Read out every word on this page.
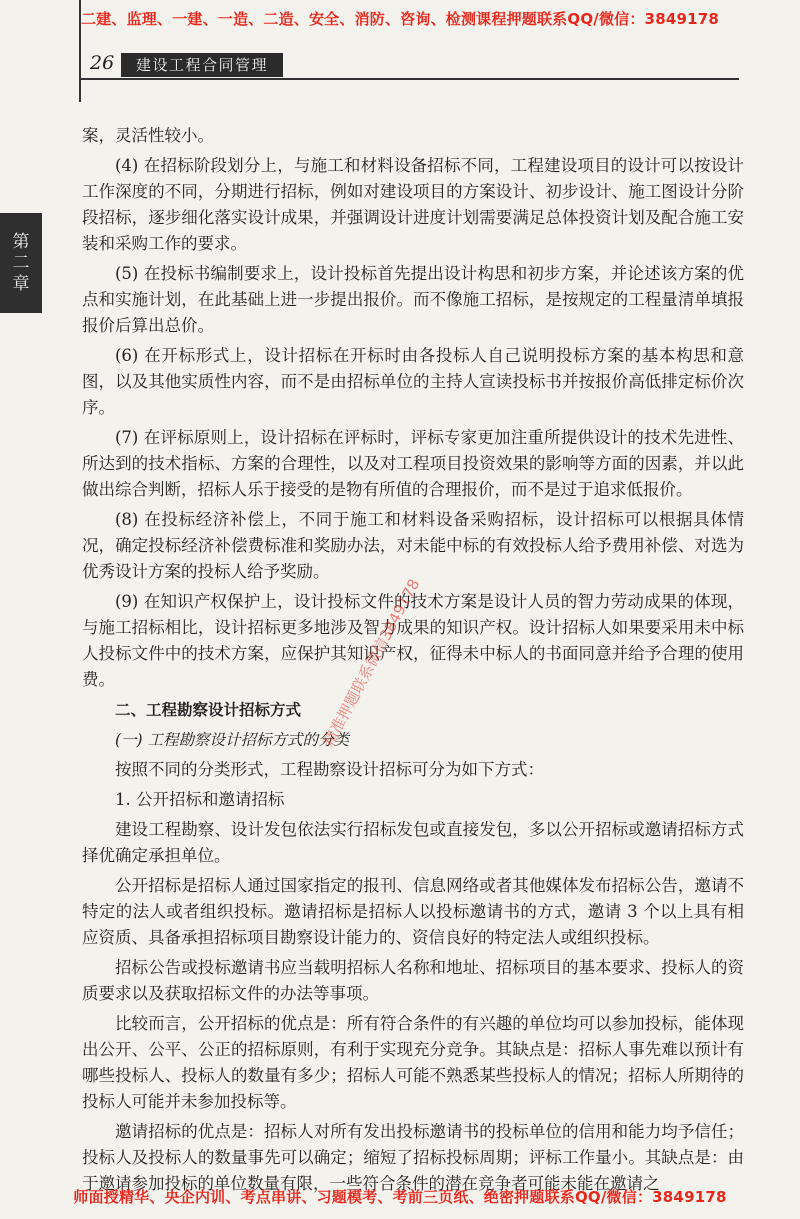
二建、监理、一建、一造、二造、安全、消防、咨询、检测课程押题联系QQ/微信：3849178
26	建设工程合同管理
第
二
章

案，灵活性较小。

(4) 在招标阶段划分上，与施工和材料设备招标不同，工程建设项目的设计可以按设计工作深度的不同，分期进行招标，例如对建设项目的方案设计、初步设计、施工图设计分阶段招标，逐步细化落实设计成果，并强调设计进度计划需要满足总体投资计划及配合施工安装和采购工作的要求。

(5) 在投标书编制要求上，设计投标首先提出设计构思和初步方案，并论述该方案的优点和实施计划，在此基础上进一步提出报价。而不像施工招标，是按规定的工程量清单填报报价后算出总价。

(6) 在开标形式上，设计招标在开标时由各投标人自己说明投标方案的基本构思和意图，以及其他实质性内容，而不是由招标单位的主持人宣读投标书并按报价高低排定标价次序。

(7) 在评标原则上，设计招标在评标时，评标专家更加注重所提供设计的技术先进性、所达到的技术指标、方案的合理性，以及对工程项目投资效果的影响等方面的因素，并以此做出综合判断，招标人乐于接受的是物有所值的合理报价，而不是过于追求低报价。

(8) 在投标经济补偿上，不同于施工和材料设备采购招标，设计招标可以根据具体情况，确定投标经济补偿费标准和奖励办法，对未能中标的有效投标人给予费用补偿、对选为优秀设计方案的投标人给予奖励。

(9) 在知识产权保护上，设计投标文件的技术方案是设计人员的智力劳动成果的体现，与施工招标相比，设计招标更多地涉及智力成果的知识产权。设计招标人如果要采用未中标人投标文件中的技术方案，应保护其知识产权，征得未中标人的书面同意并给予合理的使用费。

二、工程勘察设计招标方式

(一) 工程勘察设计招标方式的分类

按照不同的分类形式，工程勘察设计招标可分为如下方式：

1. 公开招标和邀请招标

建设工程勘察、设计发包依法实行招标发包或直接发包，多以公开招标或邀请招标方式择优确定承担单位。

公开招标是招标人通过国家指定的报刊、信息网络或者其他媒体发布招标公告，邀请不特定的法人或者组织投标。邀请招标是招标人以投标邀请书的方式，邀请 3 个以上具有相应资质、具备承担招标项目勘察设计能力的、资信良好的特定法人或组织投标。

招标公告或投标邀请书应当载明招标人名称和地址、招标项目的基本要求、投标人的资质要求以及获取招标文件的办法等事项。

比较而言，公开招标的优点是：所有符合条件的有兴趣的单位均可以参加投标，能体现出公开、公平、公正的招标原则，有利于实现充分竞争。其缺点是：招标人事先难以预计有哪些投标人、投标人的数量有多少；招标人可能不熟悉某些投标人的情况；招标人所期待的投标人可能并未参加投标等。

邀请招标的优点是：招标人对所有发出投标邀请书的投标单位的信用和能力均予信任；投标人及投标人的数量事先可以确定；缩短了招标投标周期；评标工作量小。其缺点是：由于邀请参加投标的单位数量有限，一些符合条件的潜在竞争者可能未能在邀请之

精准押题联系微信3849178
师面授精华、央企内训、考点串讲、习题模考、考前三页纸、绝密押题联系QQ/微信：3849178
